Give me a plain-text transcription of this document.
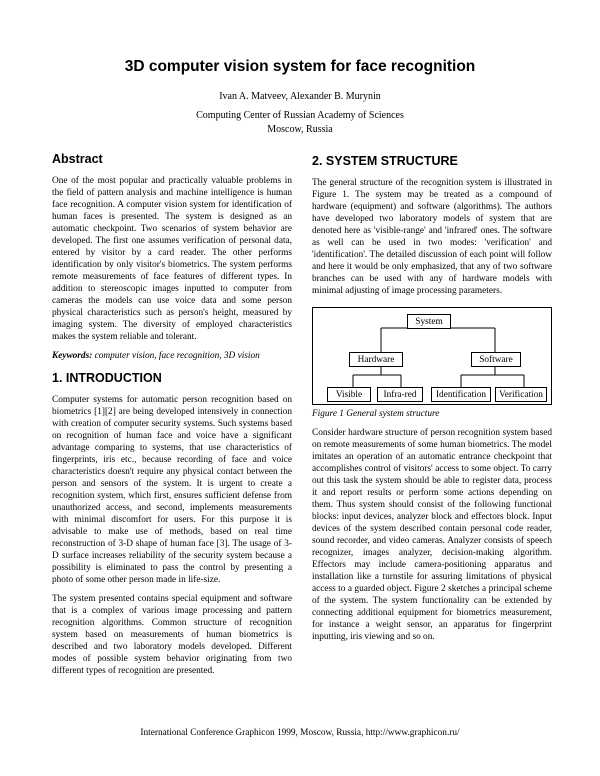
3D computer vision system for face recognition
Ivan A. Matveev, Alexander B. Murynin
Computing Center of Russian Academy of Sciences
Moscow, Russia
Abstract

One of the most popular and practically valuable problems in the field of pattern analysis and machine intelligence is human face recognition. A computer vision system for identification of human faces is presented. The system is designed as an automatic checkpoint. Two scenarios of system behavior are developed. The first one assumes verification of personal data, entered by visitor by a card reader. The other performs identification by only visitor's biometrics. The system performs remote measurements of face features of different types. In addition to stereoscopic images inputted to computer from cameras the models can use voice data and some person physical characteristics such as person's height, measured by imaging system. The diversity of employed characteristics makes the system reliable and tolerant.

Keywords: computer vision, face recognition, 3D vision

1. INTRODUCTION

Computer systems for automatic person recognition based on biometrics [1][2] are being developed intensively in connection with creation of computer security systems. Such systems based on recognition of human face and voice have a significant advantage comparing to systems, that use characteristics of fingerprints, iris etc., because recording of face and voice characteristics doesn't require any physical contact between the person and sensors of the system. It is urgent to create a recognition system, which first, ensures sufficient defense from unauthorized access, and second, implements measurements with minimal discomfort for users. For this purpose it is advisable to make use of methods, based on real time reconstruction of 3-D shape of human face [3]. The usage of 3-D surface increases reliability of the security system because a possibility is eliminated to pass the control by presenting a photo of some other person made in life-size.

The system presented contains special equipment and software that is a complex of various image processing and pattern recognition algorithms. Common structure of recognition system based on measurements of human biometrics is described and two laboratory models developed. Different modes of possible system behavior originating from two different types of recognition are presented.

2. SYSTEM STRUCTURE

The general structure of the recognition system is illustrated in Figure 1. The system may be treated as a compound of hardware (equipment) and software (algorithms). The authors have developed two laboratory models of system that are denoted here as 'visible-range' and 'infrared' ones. The software as well can be used in two modes: 'verification' and 'identification'. The detailed discussion of each point will follow and here it would be only emphasized, that any of two software branches can be used with any of hardware models with minimal adjusting of image processing parameters.

System
Hardware	Software
Visible	Infra-red	Identification	Verification
Figure 1 General system structure

Consider hardware structure of person recognition system based on remote measurements of some human biometrics. The model imitates an operation of an automatic entrance checkpoint that accomplishes control of visitors' access to some object. To carry out this task the system should be able to register data, process it and report results or perform some actions depending on them. Thus system should consist of the following functional blocks: input devices, analyzer block and effectors block. Input devices of the system described contain personal code reader, sound recorder, and video cameras. Analyzer consists of speech recognizer, images analyzer, decision-making algorithm. Effectors may include camera-positioning apparatus and installation like a turnstile for assuring limitations of physical access to a guarded object. Figure 2 sketches a principal scheme of the system. The system functionality can be extended by connecting additional equipment for biometrics measurement, for instance a weight sensor, an apparatus for fingerprint inputting, iris viewing and so on.

International Conference Graphicon 1999, Moscow, Russia, http://www.graphicon.ru/
